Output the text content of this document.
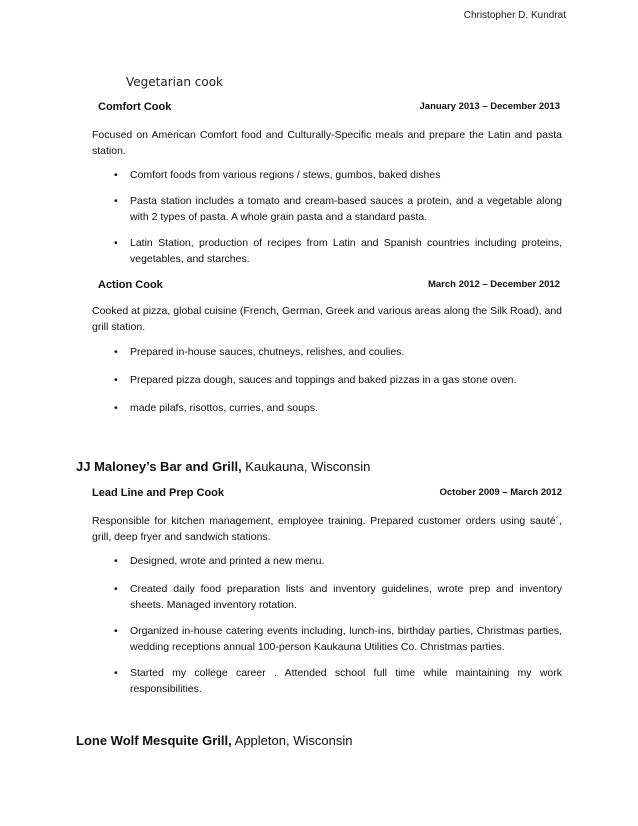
Christopher D. Kundrat
Vegetarian cook
Comfort Cook	January 2013 – December 2013
Focused on American Comfort food and Culturally-Specific meals and prepare the Latin and pasta station.
• Comfort foods from various regions / stews, gumbos, baked dishes
• Pasta station includes a tomato and cream-based sauces a protein, and a vegetable along with 2 types of pasta. A whole grain pasta and a standard pasta.
• Latin Station, production of recipes from Latin and Spanish countries including proteins, vegetables, and starches.
Action Cook	March 2012 – December 2012
Cooked at pizza, global cuisine (French, German, Greek and various areas along the Silk Road), and grill station.
• Prepared in-house sauces, chutneys, relishes, and coulies.
• Prepared pizza dough, sauces and toppings and baked pizzas in a gas stone oven.
• made pilafs, risottos, curries, and soups.
JJ Maloney’s Bar and Grill, Kaukauna, Wisconsin
Lead Line and Prep Cook	October 2009 – March 2012
Responsible for kitchen management, employee training. Prepared customer orders using sauté´, grill, deep fryer and sandwich stations.
• Designed, wrote and printed a new menu.
• Created daily food preparation lists and inventory guidelines, wrote prep and inventory sheets. Managed inventory rotation.
• Organized in-house catering events including, lunch-ins, birthday parties, Christmas parties, wedding receptions annual 100-person Kaukauna Utilities Co. Christmas parties.
• Started my college career . Attended school full time while maintaining my work responsibilities.
Lone Wolf Mesquite Grill, Appleton, Wisconsin
